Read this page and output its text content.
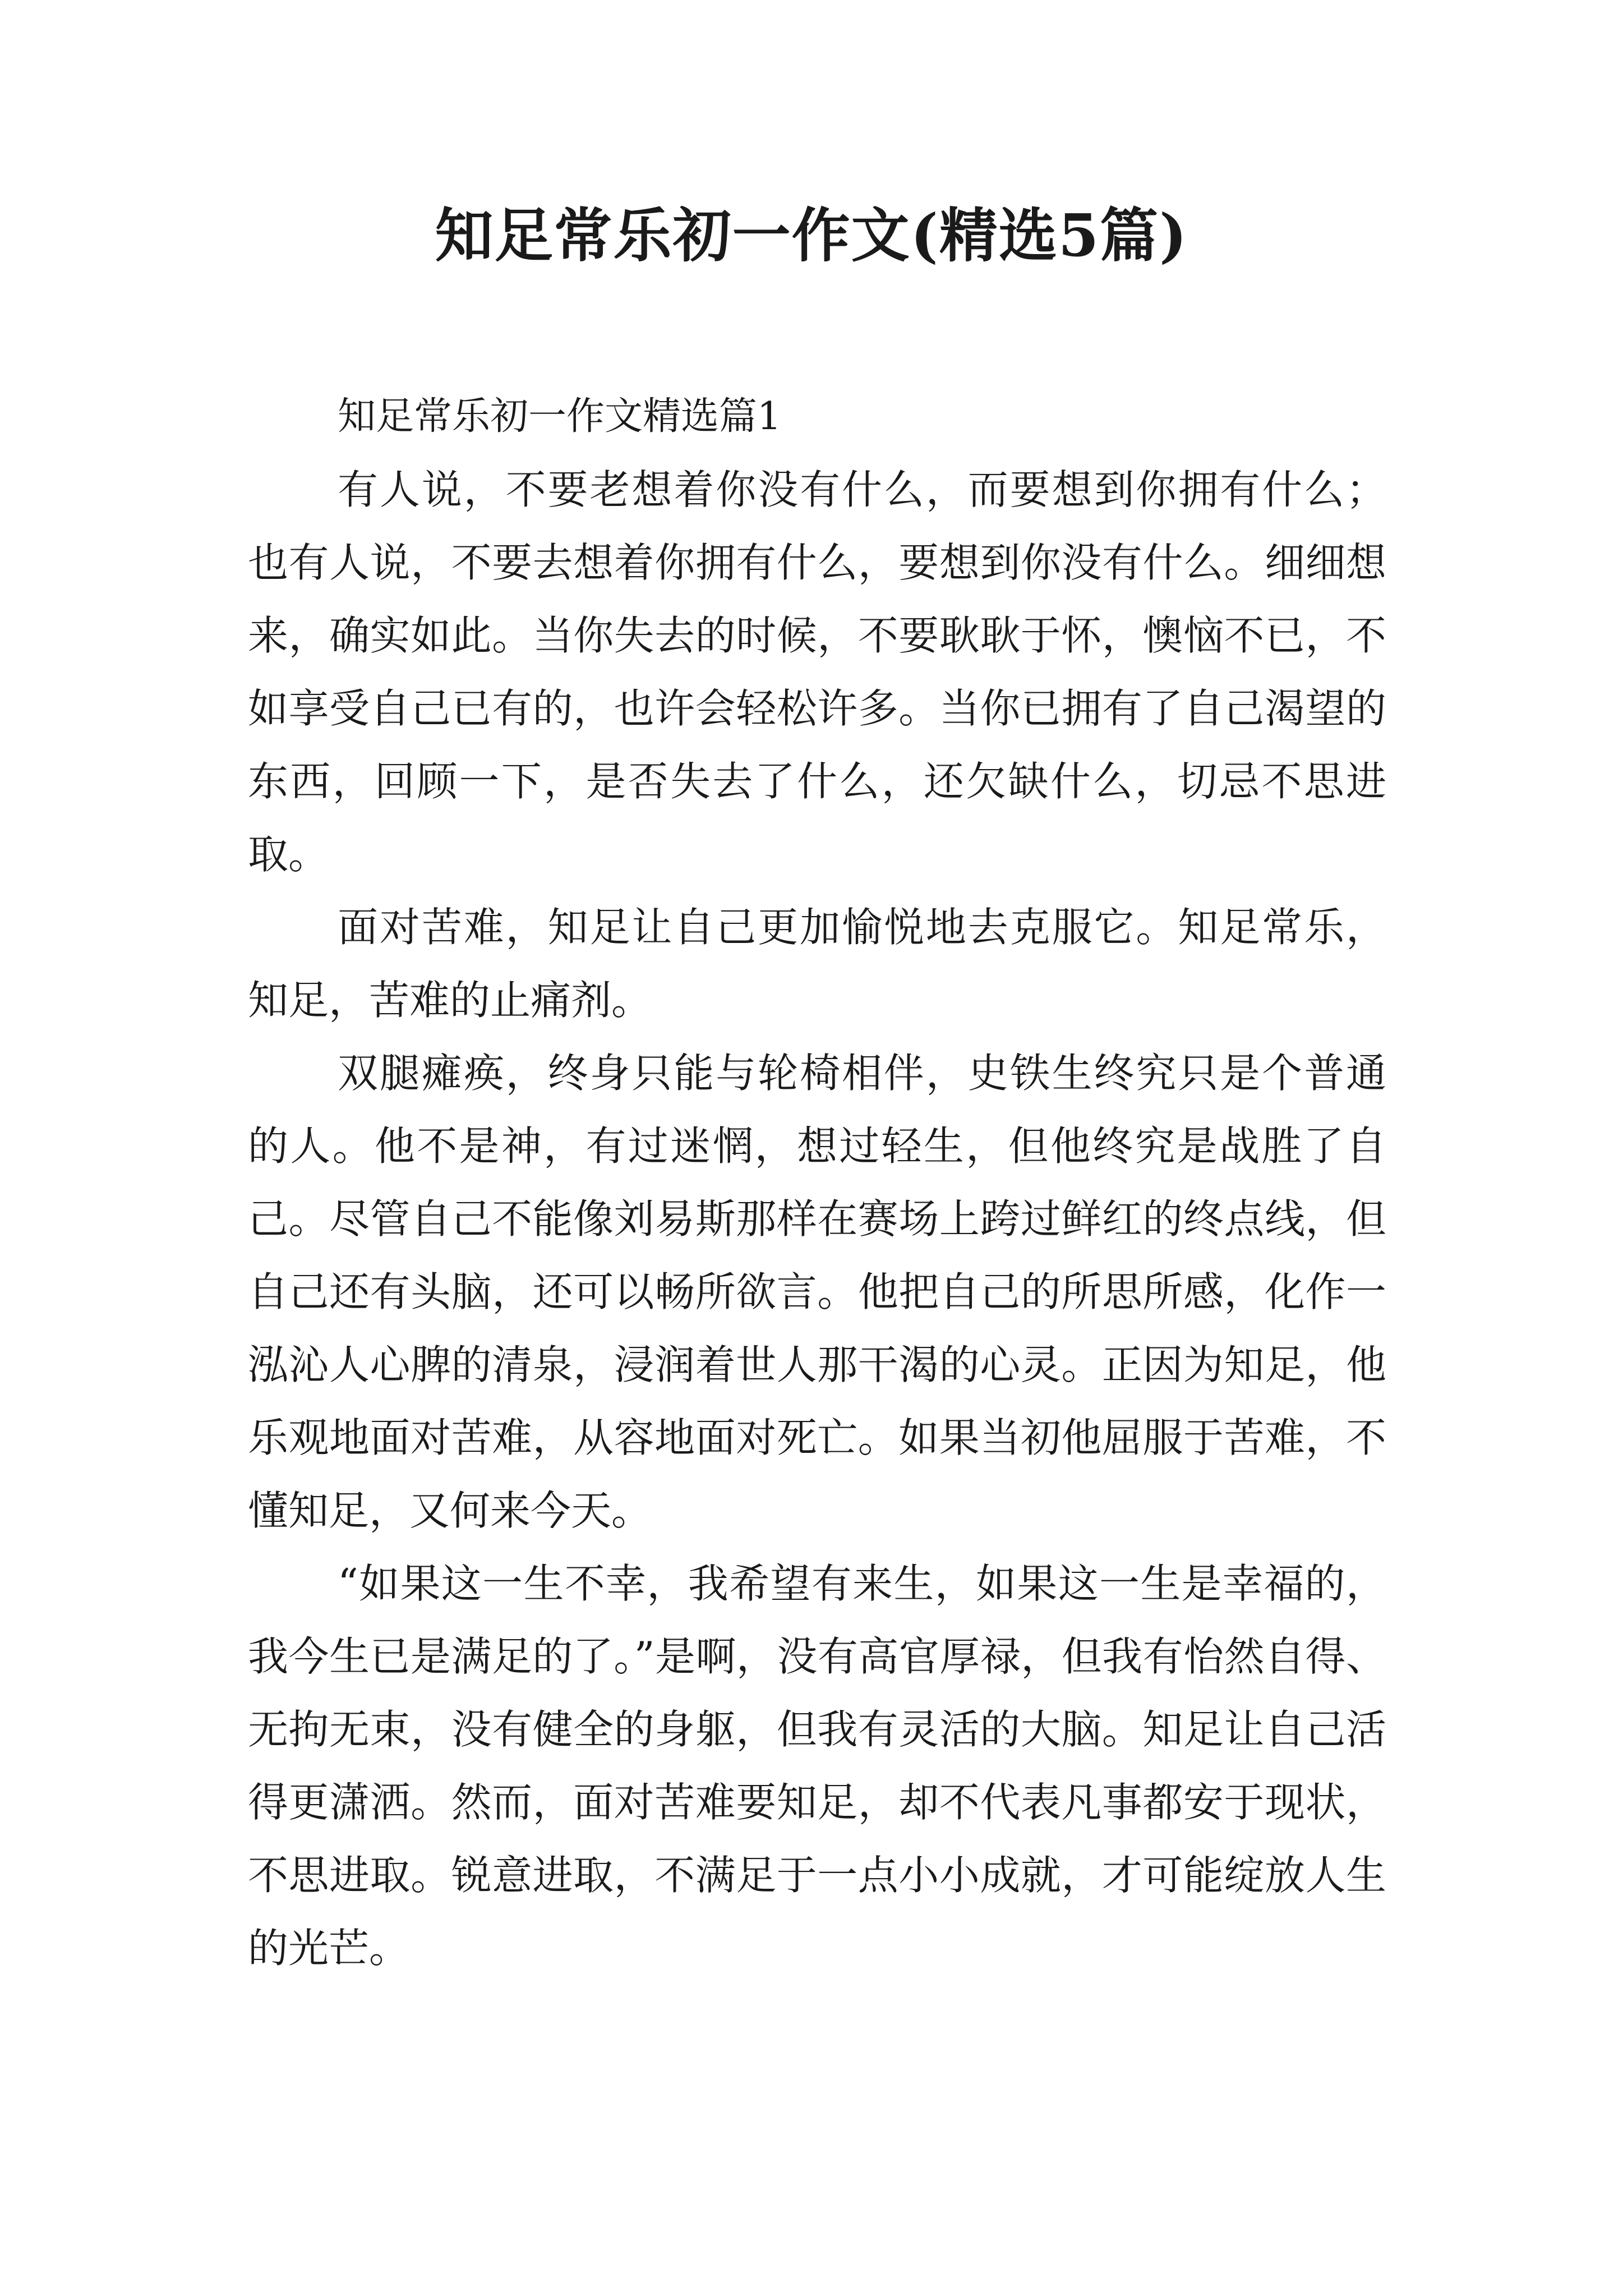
知足常乐初一作文(精选5篇)
知足常乐初一作文精选篇1

有人说，不要老想着你没有什么，而要想到你拥有什么；也有人说，不要去想着你拥有什么，要想到你没有什么。细细想来，确实如此。当你失去的时候，不要耿耿于怀，懊恼不已，不如享受自己已有的，也许会轻松许多。当你已拥有了自己渴望的东西，回顾一下，是否失去了什么，还欠缺什么，切忌不思进取。

面对苦难，知足让自己更加愉悦地去克服它。知足常乐，知足，苦难的止痛剂。

双腿瘫痪，终身只能与轮椅相伴，史铁生终究只是个普通的人。他不是神，有过迷惘，想过轻生，但他终究是战胜了自己。尽管自己不能像刘易斯那样在赛场上跨过鲜红的终点线，但自己还有头脑，还可以畅所欲言。他把自己的所思所感，化作一泓沁人心脾的清泉，浸润着世人那干渴的心灵。正因为知足，他乐观地面对苦难，从容地面对死亡。如果当初他屈服于苦难，不懂知足，又何来今天。

“如果这一生不幸，我希望有来生，如果这一生是幸福的，我今生已是满足的了。”是啊，没有高官厚禄，但我有怡然自得、无拘无束，没有健全的身躯，但我有灵活的大脑。知足让自己活得更潇洒。然而，面对苦难要知足，却不代表凡事都安于现状，不思进取。锐意进取，不满足于一点小小成就，才可能绽放人生的光芒。
